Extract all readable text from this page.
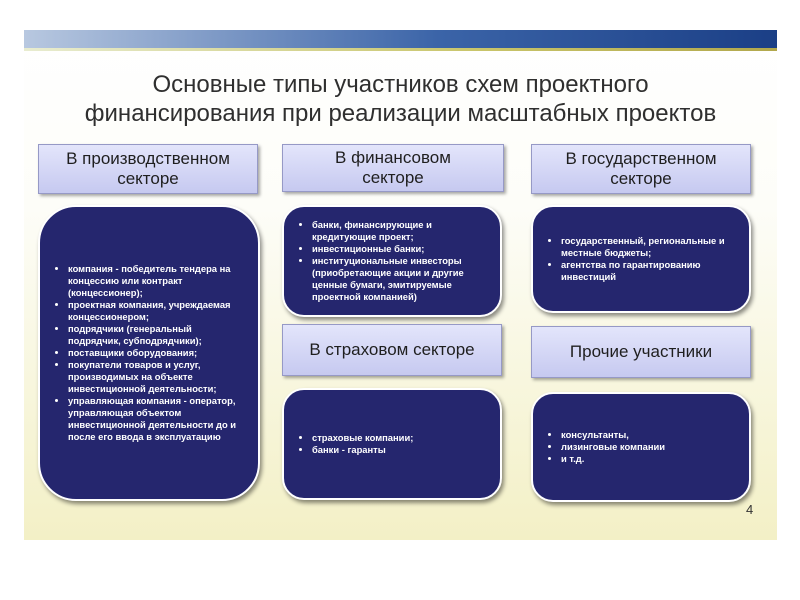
Основные типы участников схем проектного
финансирования при реализации масштабных проектов
В производственном
секторе
• компания - победитель тендера на концессию или контракт (концессионер);
• проектная компания, учреждаемая концессионером;
• подрядчики (генеральный подрядчик, субподрядчики);
• поставщики оборудования;
• покупатели товаров и услуг, производимых на объекте инвестиционной деятельности;
• управляющая компания - оператор, управляющая объектом инвестиционной деятельности до и после его ввода в эксплуатацию
В финансовом
секторе
• банки, финансирующие и кредитующие проект;
• инвестиционные банки;
• институциональные инвесторы (приобретающие акции и другие ценные бумаги, эмитируемые проектной компанией)
В государственном
секторе
• государственный, региональные и местные бюджеты;
• агентства по гарантированию инвестиций
В страховом секторе
• страховые компании;
• банки - гаранты
Прочие участники
• консультанты,
• лизинговые компании
• и т.д.
4
